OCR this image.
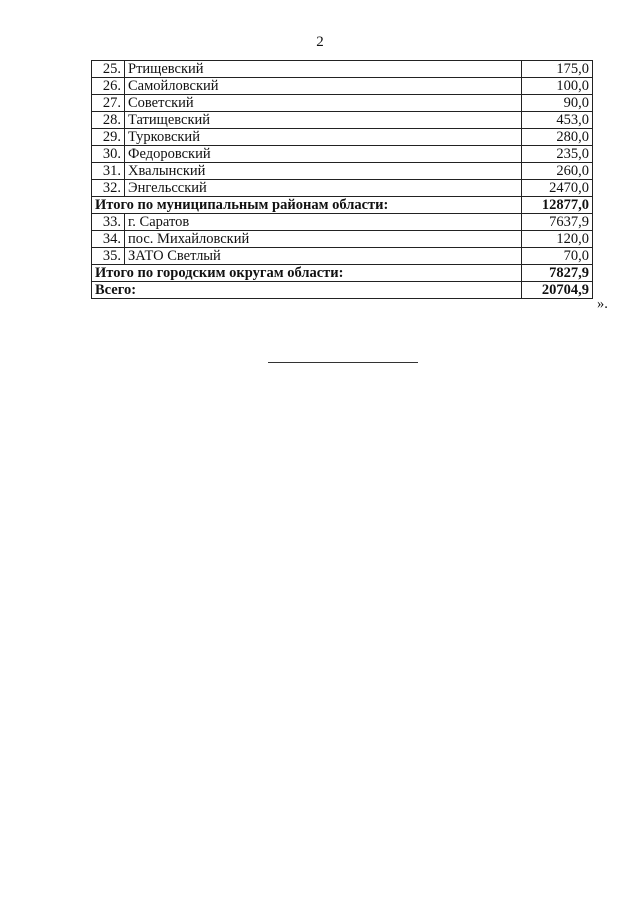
2
25.	Ртищевский	175,0
26.	Самойловский	100,0
27.	Советский	90,0
28.	Татищевский	453,0
29.	Турковский	280,0
30.	Федоровский	235,0
31.	Хвалынский	260,0
32.	Энгельсский	2470,0
Итого по муниципальным районам области:		12877,0
33.	г. Саратов	7637,9
34.	пос. Михайловский	120,0
35.	ЗАТО Светлый	70,0
Итого по городским округам области:		7827,9
Всего:		20704,9
».
